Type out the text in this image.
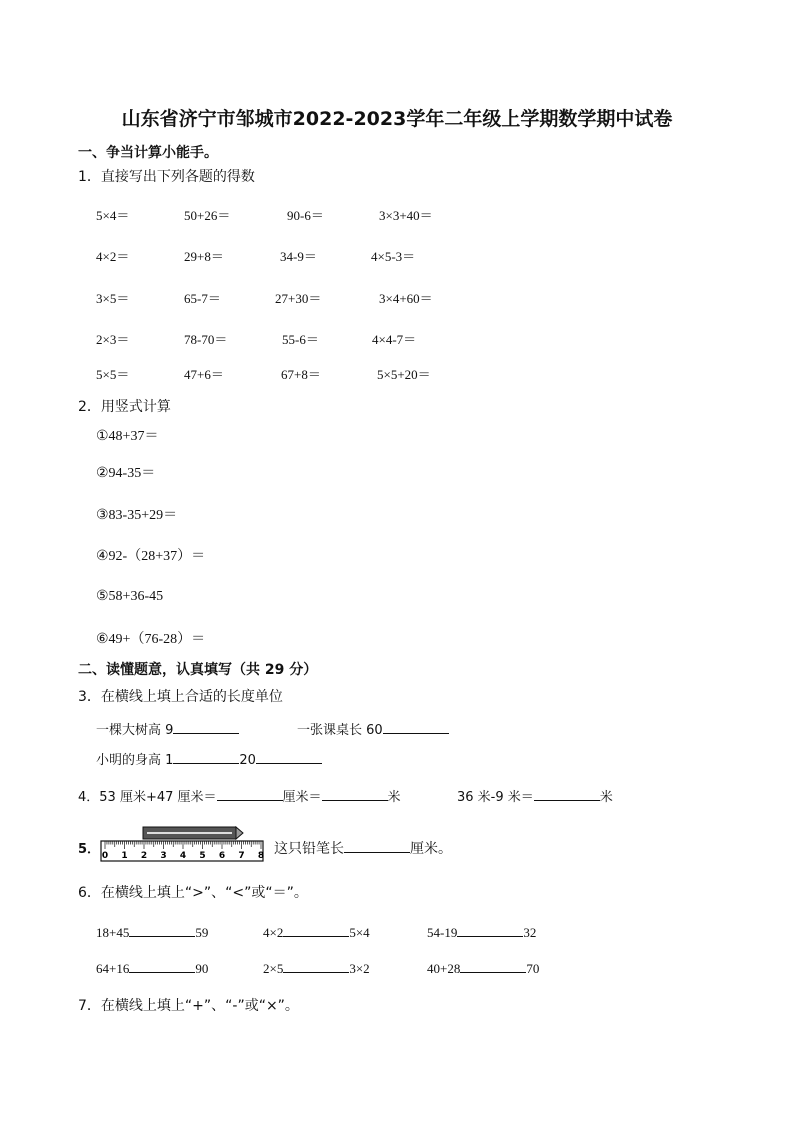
山东省济宁市邹城市2022-2023学年二年级上学期数学期中试卷
一、争当计算小能手。
1．直接写出下列各题的得数
5×4＝	50+26＝	90-6＝	3×3+40＝
4×2＝	29+8＝	34-9＝	4×5-3＝
3×5＝	65-7＝	27+30＝	3×4+60＝
2×3＝	78-70＝	55-6＝	4×4-7＝
5×5＝	47+6＝	67+8＝	5×5+20＝
2．用竖式计算
①48+37＝
②94-35＝
③83-35+29＝
④92-（28+37）＝
⑤58+36-45
⑥49+（76-28）＝
二、读懂题意，认真填写（共 29 分）
3．在横线上填上合适的长度单位
一棵大树高 9	一张课桌长 60
小明的身高 1	20
4．53 厘米+47 厘米＝	厘米＝	米	36 米-9 米＝	米
5． 0 1 2 3 4 5 6 7 8 这只铅笔长	厘米。
6．在横线上填上“>”、“<”或“＝”。
18+45	59	4×2	5×4	54-19	32
64+16	90	2×5	3×2	40+28	70
7．在横线上填上“+”、“-”或“×”。
